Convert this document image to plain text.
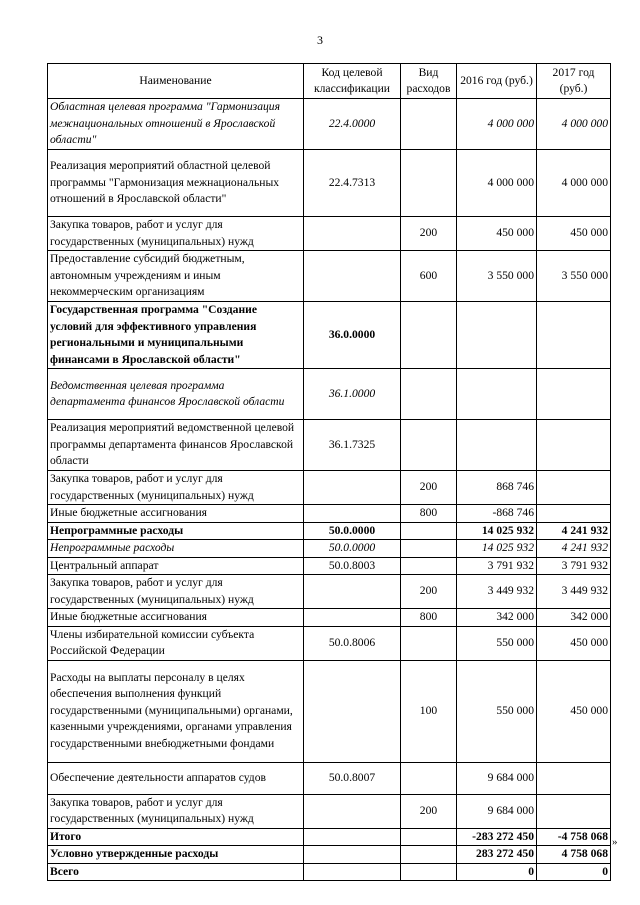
3
Наименование	Код целевой классификации	Вид расходов	2016 год (руб.)	2017 год (руб.)
Областная целевая программа "Гармонизация межнациональных отношений в Ярославской области"	22.4.0000		4 000 000	4 000 000
Реализация мероприятий областной целевой программы "Гармонизация межнациональных отношений в Ярославской области"	22.4.7313		4 000 000	4 000 000
Закупка товаров, работ и услуг для государственных (муниципальных) нужд		200	450 000	450 000
Предоставление субсидий бюджетным, автономным учреждениям и иным некоммерческим организациям		600	3 550 000	3 550 000
Государственная программа "Создание условий для эффективного управления региональными и муниципальными финансами в Ярославской области"	36.0.0000			
Ведомственная целевая программа департамента финансов Ярославской области	36.1.0000			
Реализация мероприятий ведомственной целевой программы департамента финансов Ярославской области	36.1.7325			
Закупка товаров, работ и услуг для государственных (муниципальных) нужд		200	868 746	
Иные бюджетные ассигнования		800	-868 746	
Непрограммные расходы	50.0.0000		14 025 932	4 241 932
Непрограммные расходы	50.0.0000		14 025 932	4 241 932
Центральный аппарат	50.0.8003		3 791 932	3 791 932
Закупка товаров, работ и услуг для государственных (муниципальных) нужд		200	3 449 932	3 449 932
Иные бюджетные ассигнования		800	342 000	342 000
Члены избирательной комиссии субъекта Российской Федерации	50.0.8006		550 000	450 000
Расходы на выплаты персоналу в целях обеспечения выполнения функций государственными (муниципальными) органами, казенными учреждениями, органами управления государственными внебюджетными фондами		100	550 000	450 000
Обеспечение деятельности аппаратов судов	50.0.8007		9 684 000	
Закупка товаров, работ и услуг для государственных (муниципальных) нужд		200	9 684 000	
Итого			-283 272 450	-4 758 068
Условно утвержденные расходы			283 272 450	4 758 068
Всего			0	0
»
